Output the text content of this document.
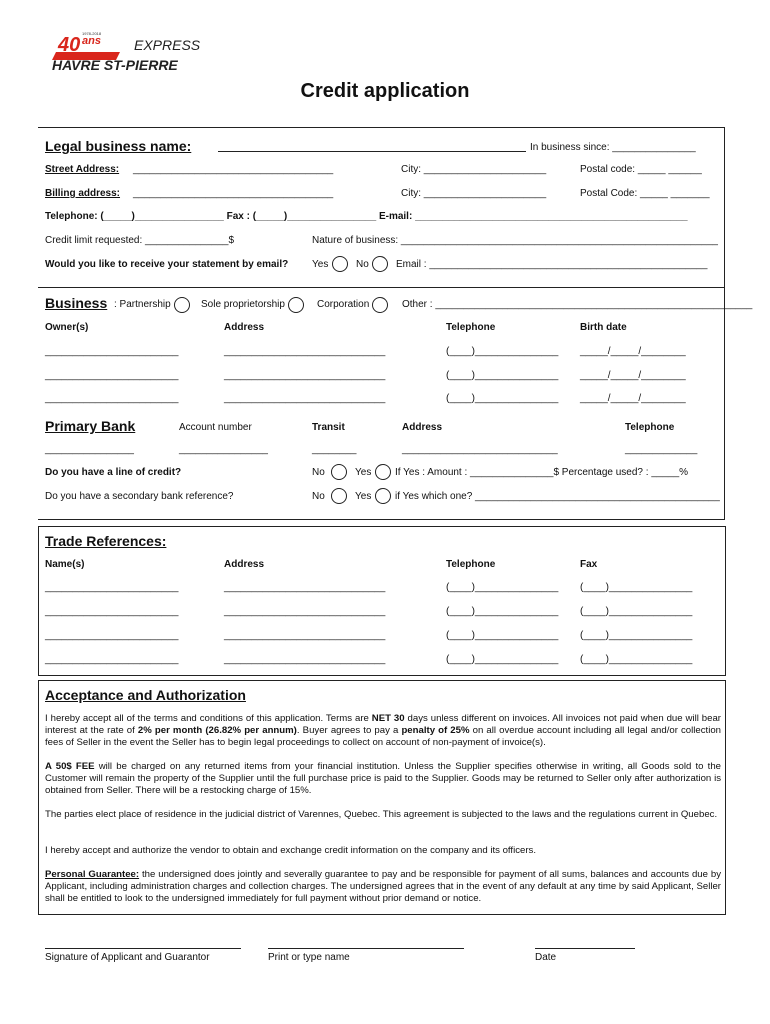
40 ans
1978-2018
EXPRESS
HAVRE ST-PIERRE
Credit application
Legal business name:	In business since: _______________
Street Address: ____________________________________	City: ______________________	Postal code: _____ ______
Billing address: ____________________________________	City: ______________________	Postal Code: _____ _______
Telephone: (_____)________________ Fax : (_____)________________ E-mail: _________________________________________________
Credit limit requested: _______________$	Nature of business: _________________________________________________________
Would you like to receive your statement by email? Yes	No	Email : __________________________________________________
Business : Partnership	Sole proprietorship	Corporation	Other : _________________________________________________________
Owner(s)	Address	Telephone	Birth date
________________________	_____________________________	(____)_______________ _____/_____/________
________________________	_____________________________	(____)_______________ _____/_____/________
________________________	_____________________________	(____)_______________ _____/_____/________
Primary Bank	Account number	Transit	Address	Telephone
________________	________________	________	____________________________	_____________
Do you have a line of credit?	No	Yes If Yes : Amount : _______________$ Percentage used? : _____%
Do you have a secondary bank reference?	No	Yes if Yes which one? ____________________________________________
Trade References:
Name(s)	Address	Telephone	Fax
________________________	_____________________________	(____)_______________ (____)_______________
________________________	_____________________________	(____)_______________ (____)_______________
________________________	_____________________________	(____)_______________ (____)_______________
________________________	_____________________________	(____)_______________ (____)_______________
Acceptance and Authorization
I hereby accept all of the terms and conditions of this application. Terms are NET 30 days unless different on invoices. All invoices not paid when due will bear interest at the rate of 2% per month (26.82% per annum). Buyer agrees to pay a penalty of 25% on all overdue account including all legal and/or collection fees of Seller in the event the Seller has to begin legal proceedings to collect on account of non-payment of invoice(s).
A 50$ FEE will be charged on any returned items from your financial institution. Unless the Supplier specifies otherwise in writing, all Goods sold to the Customer will remain the property of the Supplier until the full purchase price is paid to the Supplier. Goods may be returned to Seller only after authorization is obtained from Seller. There will be a restocking charge of 15%.
The parties elect place of residence in the judicial district of Varennes, Quebec. This agreement is subjected to the laws and the regulations current in Quebec.
I hereby accept and authorize the vendor to obtain and exchange credit information on the company and its officers.
Personal Guarantee: the undersigned does jointly and severally guarantee to pay and be responsible for payment of all sums, balances and accounts due by Applicant, including administration charges and collection charges. The undersigned agrees that in the event of any default at any time by said Applicant, Seller shall be entitled to look to the undersigned immediately for full payment without prior demand or notice.
Signature of Applicant and Guarantor	Print or type name	Date
